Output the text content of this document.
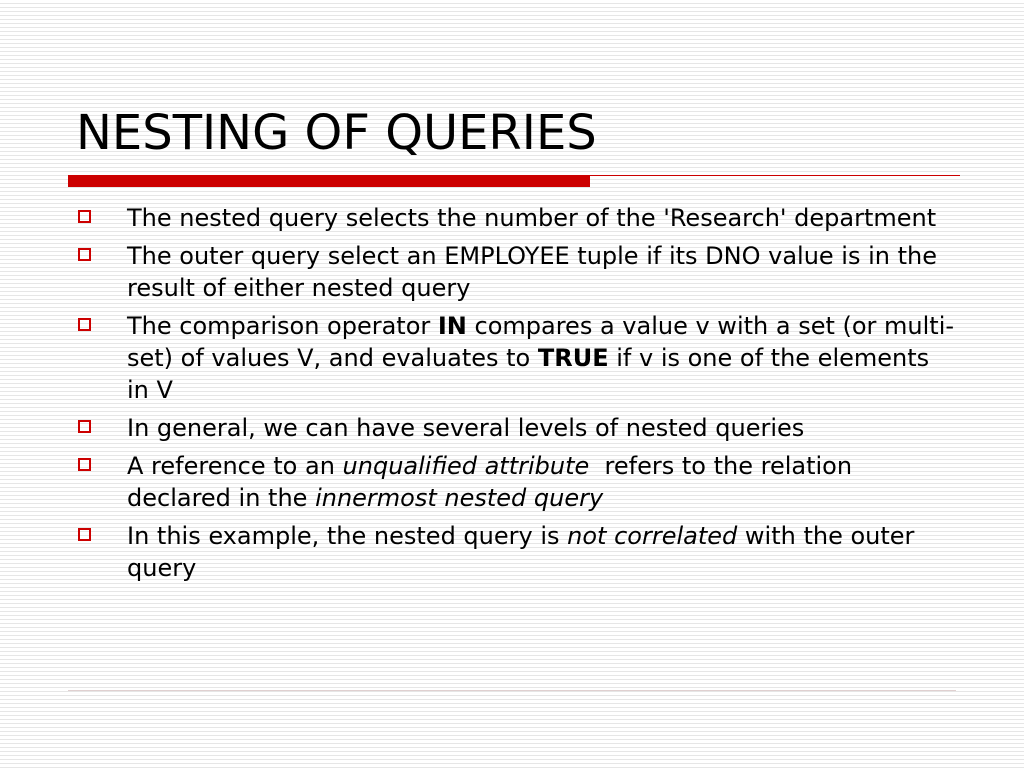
NESTING OF QUERIES
The nested query selects the number of the 'Research' department
The outer query select an EMPLOYEE tuple if its DNO value is in the result of either nested query
The comparison operator IN compares a value v with a set (or multi-set) of values V, and evaluates to TRUE if v is one of the elements in V
In general, we can have several levels of nested queries
A reference to an unqualified attribute  refers to the relation declared in the innermost nested query
In this example, the nested query is not correlated with the outer query
